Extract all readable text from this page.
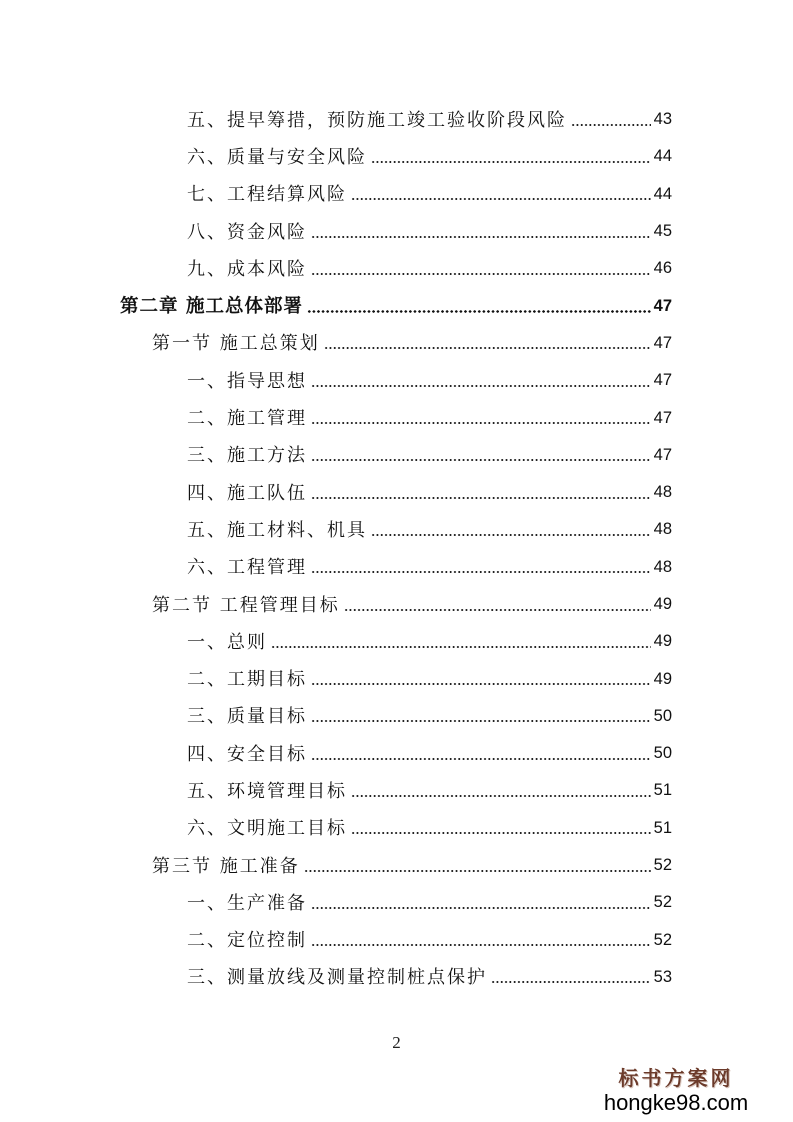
五、提早筹措，预防施工竣工验收阶段风险	43
六、质量与安全风险	44
七、工程结算风险	44
八、资金风险	45
九、成本风险	46
第二章 施工总体部署	47
第一节 施工总策划	47
一、指导思想	47
二、施工管理	47
三、施工方法	47
四、施工队伍	48
五、施工材料、机具	48
六、工程管理	48
第二节 工程管理目标	49
一、总则	49
二、工期目标	49
三、质量目标	50
四、安全目标	50
五、环境管理目标	51
六、文明施工目标	51
第三节 施工准备	52
一、生产准备	52
二、定位控制	52
三、测量放线及测量控制桩点保护	53
2
标书方案网
hongke98.com
